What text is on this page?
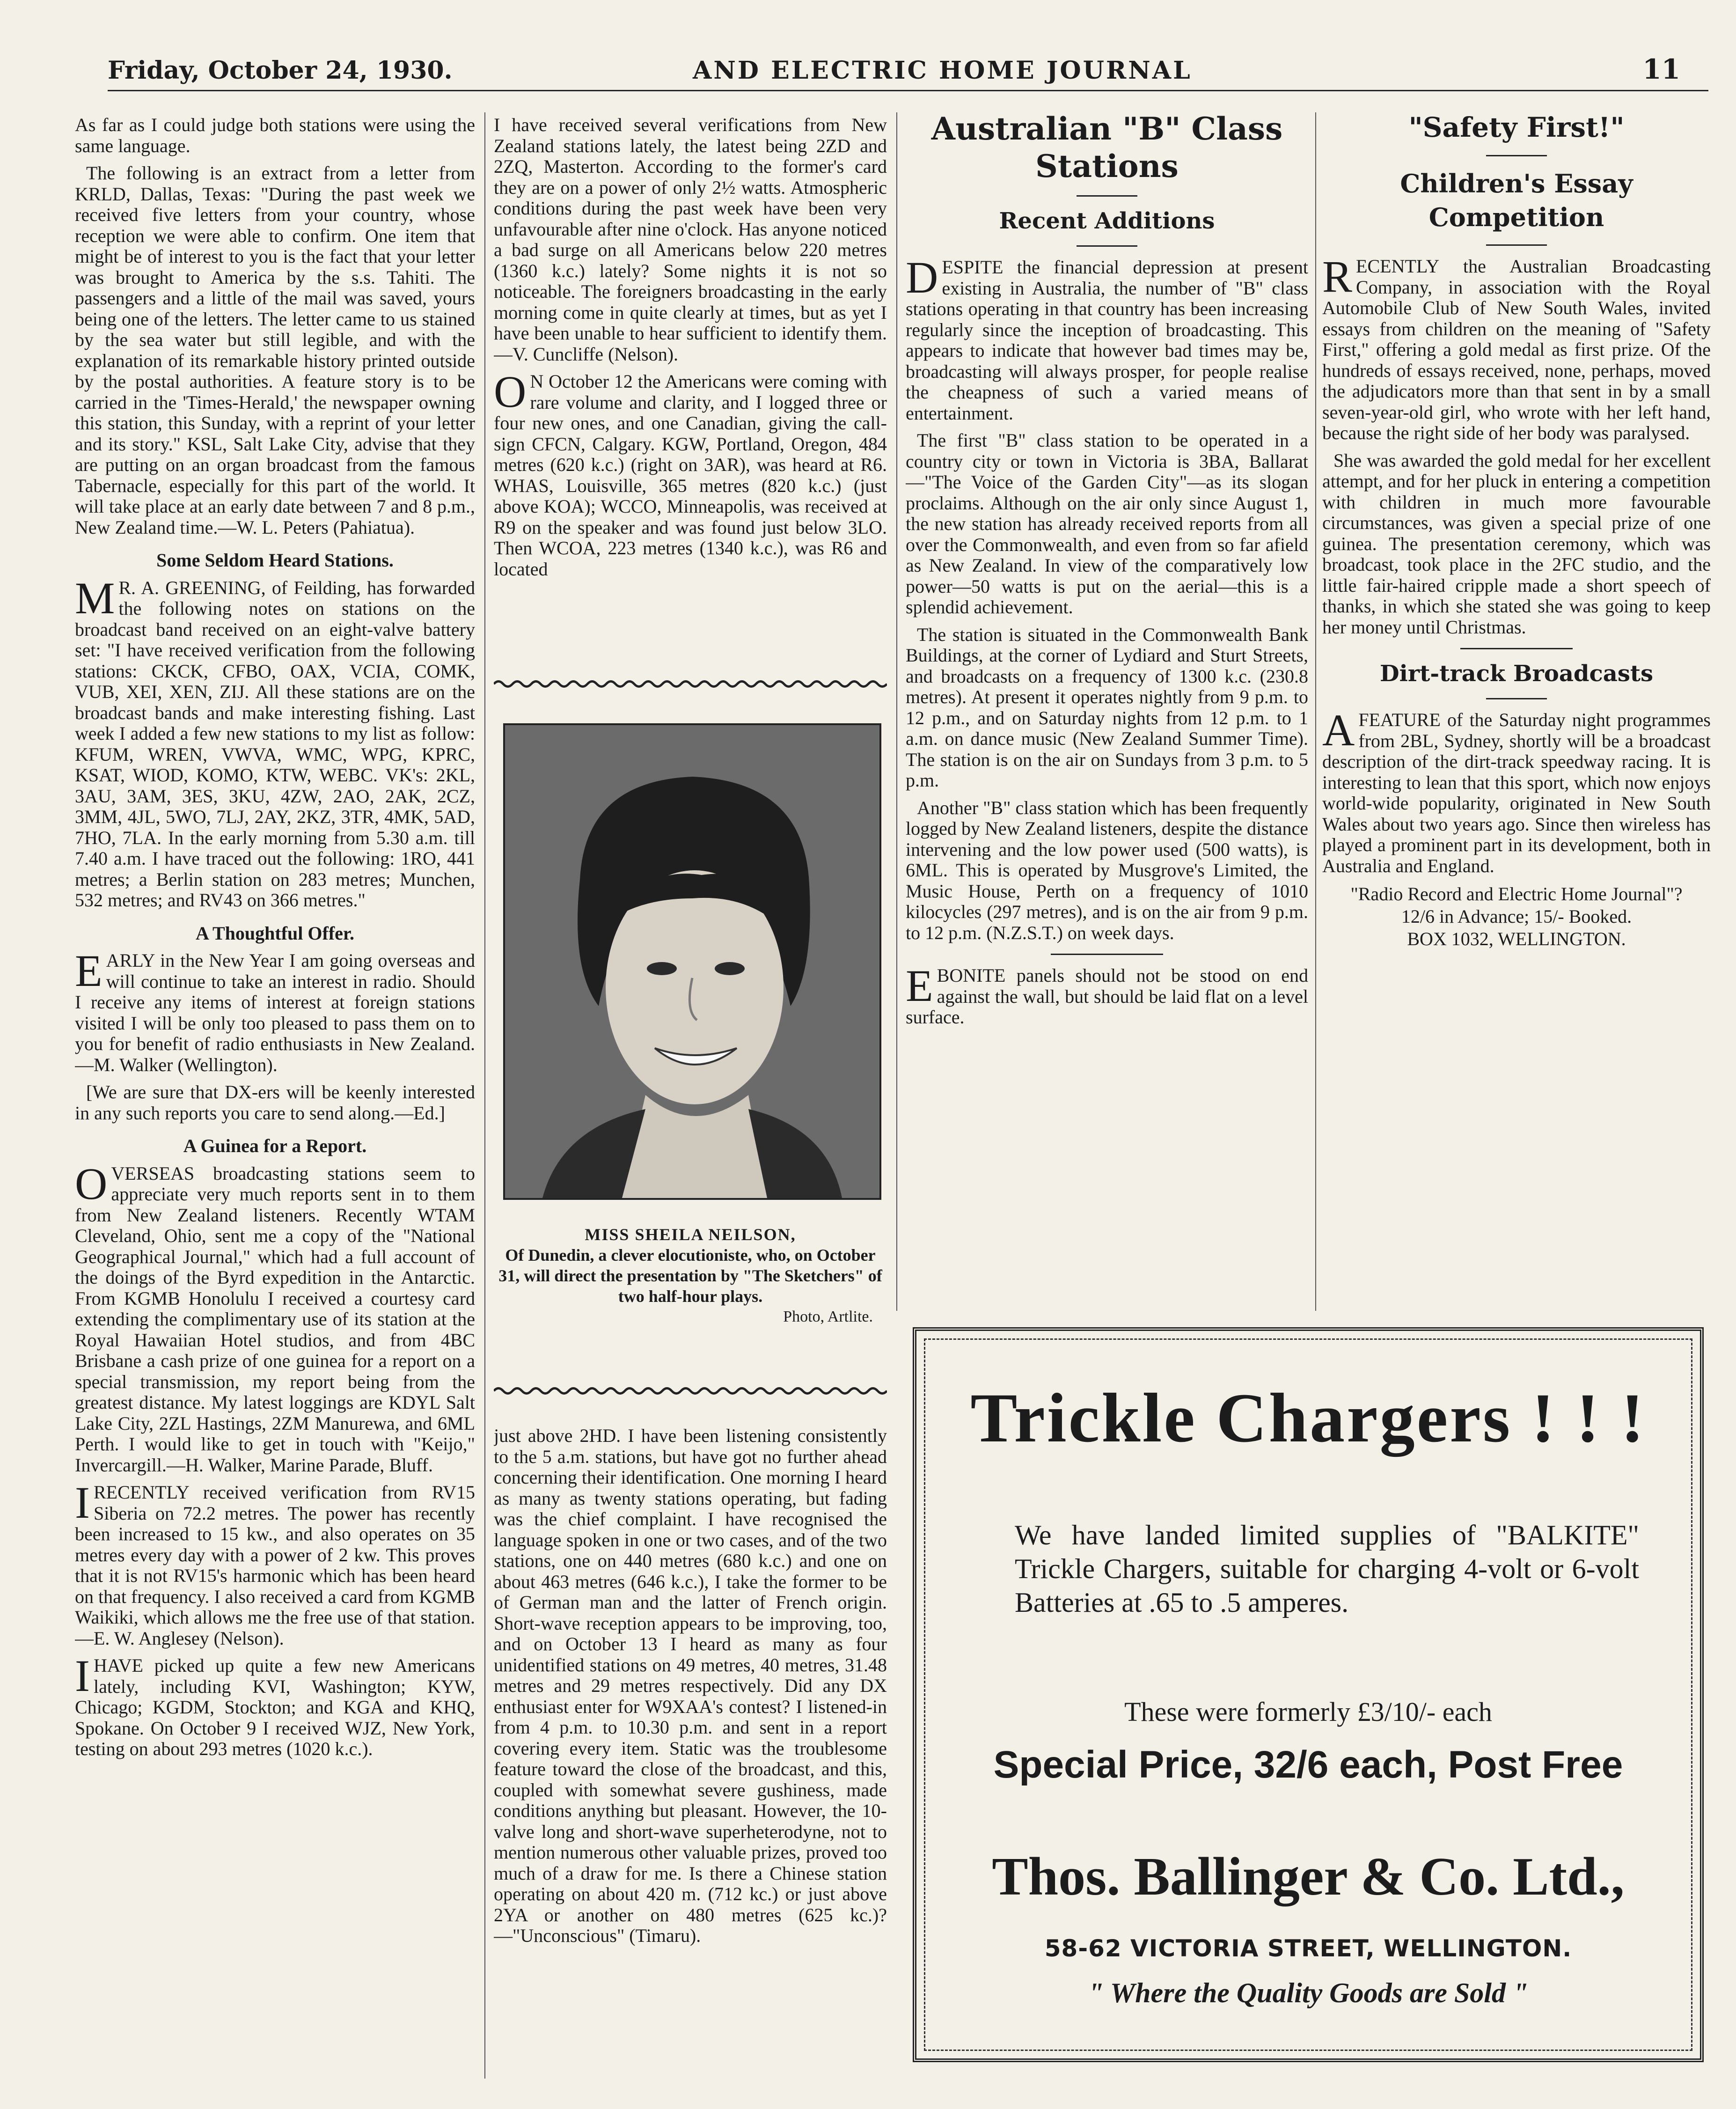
Friday, October 24, 1930.	AND ELECTRIC HOME JOURNAL	11

As far as I could judge both stations were using the same language.

The following is an extract from a letter from KRLD, Dallas, Texas: "During the past week we received five letters from your country, whose reception we were able to confirm. One item that might be of interest to you is the fact that your letter was brought to America by the s.s. Tahiti. The passengers and a little of the mail was saved, yours being one of the letters. The letter came to us stained by the sea water but still legible, and with the explanation of its remarkable history printed outside by the postal authorities. A feature story is to be carried in the 'Times-Herald,' the newspaper owning this station, this Sunday, with a reprint of your letter and its story." KSL, Salt Lake City, advise that they are putting on an organ broadcast from the famous Tabernacle, especially for this part of the world. It will take place at an early date between 7 and 8 p.m., New Zealand time.—W. L. Peters (Pahiatua).

Some Seldom Heard Stations.

M R. A. GREENING, of Feilding, has forwarded the following notes on stations on the broadcast band received on an eight-valve battery set: "I have received verification from the following stations: CKCK, CFBO, OAX, VCIA, COMK, VUB, XEI, XEN, ZIJ. All these stations are on the broadcast bands and make interesting fishing. Last week I added a few new stations to my list as follow: KFUM, WREN, VWVA, WMC, WPG, KPRC, KSAT, WIOD, KOMO, KTW, WEBC. VK's: 2KL, 3AU, 3AM, 3ES, 3KU, 4ZW, 2AO, 2AK, 2CZ, 3MM, 4JL, 5WO, 7LJ, 2AY, 2KZ, 3TR, 4MK, 5AD, 7HO, 7LA. In the early morning from 5.30 a.m. till 7.40 a.m. I have traced out the following: 1RO, 441 metres; a Berlin station on 283 metres; Munchen, 532 metres; and RV43 on 366 metres."

A Thoughtful Offer.

EARLY in the New Year I am going overseas and will continue to take an interest in radio. Should I receive any items of interest at foreign stations visited I will be only too pleased to pass them on to you for benefit of radio enthusiasts in New Zealand.—M. Walker (Wellington).

[We are sure that DX-ers will be keenly interested in any such reports you care to send along.—Ed.]

A Guinea for a Report.

OVERSEAS broadcasting stations seem to appreciate very much reports sent in to them from New Zealand listeners. Recently WTAM Cleveland, Ohio, sent me a copy of the "National Geographical Journal," which had a full account of the doings of the Byrd expedition in the Antarctic. From KGMB Honolulu I received a courtesy card extending the complimentary use of its station at the Royal Hawaiian Hotel studios, and from 4BC Brisbane a cash prize of one guinea for a report on a special transmission, my report being from the greatest distance. My latest loggings are KDYL Salt Lake City, 2ZL Hastings, 2ZM Manurewa, and 6ML Perth. I would like to get in touch with "Keijo," Invercargill.—H. Walker, Marine Parade, Bluff.

IRECENTLY received verification from RV15 Siberia on 72.2 metres. The power has recently been increased to 15 kw., and also operates on 35 metres every day with a power of 2 kw. This proves that it is not RV15's harmonic which has been heard on that frequency. I also received a card from KGMB Waikiki, which allows me the free use of that station.—E. W. Anglesey (Nelson).

IHAVE picked up quite a few new Americans lately, including KVI, Washington; KYW, Chicago; KGDM, Stockton; and KGA and KHQ, Spokane. On October 9 I received WJZ, New York, testing on about 293 metres (1020 k.c.).

I have received several verifications from New Zealand stations lately, the latest being 2ZD and 2ZQ, Masterton. According to the former's card they are on a power of only 2½ watts. Atmospheric conditions during the past week have been very unfavourable after nine o'clock. Has anyone noticed a bad surge on all Americans below 220 metres (1360 k.c.) lately? Some nights it is not so noticeable. The foreigners broadcasting in the early morning come in quite clearly at times, but as yet I have been unable to hear sufficient to identify them. —V. Cuncliffe (Nelson).

O N October 12 the Americans were coming with rare volume and clarity, and I logged three or four new ones, and one Canadian, giving the call-sign CFCN, Calgary. KGW, Portland, Oregon, 484 metres (620 k.c.) (right on 3AR), was heard at R6. WHAS, Louisville, 365 metres (820 k.c.) (just above KOA); WCCO, Minneapolis, was received at R9 on the speaker and was found just below 3LO. Then WCOA, 223 metres (1340 k.c.), was R6 and located

MISS SHEILA NEILSON,
Of Dunedin, a clever elocutioniste, who, on October 31, will direct the presentation by "The Sketchers" of two half-hour plays.
Photo, Artlite.

just above 2HD. I have been listening consistently to the 5 a.m. stations, but have got no further ahead concerning their identification. One morning I heard as many as twenty stations operating, but fading was the chief complaint. I have recognised the language spoken in one or two cases, and of the two stations, one on 440 metres (680 k.c.) and one on about 463 metres (646 k.c.), I take the former to be of German man and the latter of French origin. Short-wave reception appears to be improving, too, and on October 13 I heard as many as four unidentified stations on 49 metres, 40 metres, 31.48 metres and 29 metres respectively. Did any DX enthusiast enter for W9XAA's contest? I listened-in from 4 p.m. to 10.30 p.m. and sent in a report covering every item. Static was the troublesome feature toward the close of the broadcast, and this, coupled with somewhat severe gushiness, made conditions anything but pleasant. However, the 10-valve long and short-wave superheterodyne, not to mention numerous other valuable prizes, proved too much of a draw for me. Is there a Chinese station operating on about 420 m. (712 kc.) or just above 2YA or another on 480 metres (625 kc.)?—"Unconscious" (Timaru).

Australian "B" Class Stations
Recent Additions

DESPITE the financial depression at present existing in Australia, the number of "B" class stations operating in that country has been increasing regularly since the inception of broadcasting. This appears to indicate that however bad times may be, broadcasting will always prosper, for people realise the cheapness of such a varied means of entertainment.

The first "B" class station to be operated in a country city or town in Victoria is 3BA, Ballarat—"The Voice of the Garden City"—as its slogan proclaims. Although on the air only since August 1, the new station has already received reports from all over the Commonwealth, and even from so far afield as New Zealand. In view of the comparatively low power—50 watts is put on the aerial—this is a splendid achievement.

The station is situated in the Commonwealth Bank Buildings, at the corner of Lydiard and Sturt Streets, and broadcasts on a frequency of 1300 k.c. (230.8 metres). At present it operates nightly from 9 p.m. to 12 p.m., and on Saturday nights from 12 p.m. to 1 a.m. on dance music (New Zealand Summer Time). The station is on the air on Sundays from 3 p.m. to 5 p.m.

Another "B" class station which has been frequently logged by New Zealand listeners, despite the distance intervening and the low power used (500 watts), is 6ML. This is operated by Musgrove's Limited, the Music House, Perth on a frequency of 1010 kilocycles (297 metres), and is on the air from 9 p.m. to 12 p.m. (N.Z.S.T.) on week days.

EBONITE panels should not be stood on end against the wall, but should be laid flat on a level surface.

"Safety First!"
Children's Essay Competition

RECENTLY the Australian Broadcasting Company, in association with the Royal Automobile Club of New South Wales, invited essays from children on the meaning of "Safety First," offering a gold medal as first prize. Of the hundreds of essays received, none, perhaps, moved the adjudicators more than that sent in by a small seven-year-old girl, who wrote with her left hand, because the right side of her body was paralysed.

She was awarded the gold medal for her excellent attempt, and for her pluck in entering a competition with children in much more favourable circumstances, was given a special prize of one guinea. The presentation ceremony, which was broadcast, took place in the 2FC studio, and the little fair-haired cripple made a short speech of thanks, in which she stated she was going to keep her money until Christmas.

Dirt-track Broadcasts

AFEATURE of the Saturday night programmes from 2BL, Sydney, shortly will be a broadcast description of the dirt-track speedway racing. It is interesting to lean that this sport, which now enjoys world-wide popularity, originated in New South Wales about two years ago. Since then wireless has played a prominent part in its development, both in Australia and England.

"Radio Record and Electric Home Journal"?
12/6 in Advance; 15/- Booked.
BOX 1032, WELLINGTON.
Trickle Chargers ! ! !
We have landed limited supplies of "BALKITE" Trickle Chargers, suitable for charging 4-volt or 6-volt Batteries at .65 to .5 amperes.
These were formerly £3/10/- each
Special Price, 32/6 each, Post Free
Thos. Ballinger & Co. Ltd.,
58-62 VICTORIA STREET, WELLINGTON.
" Where the Quality Goods are Sold "
